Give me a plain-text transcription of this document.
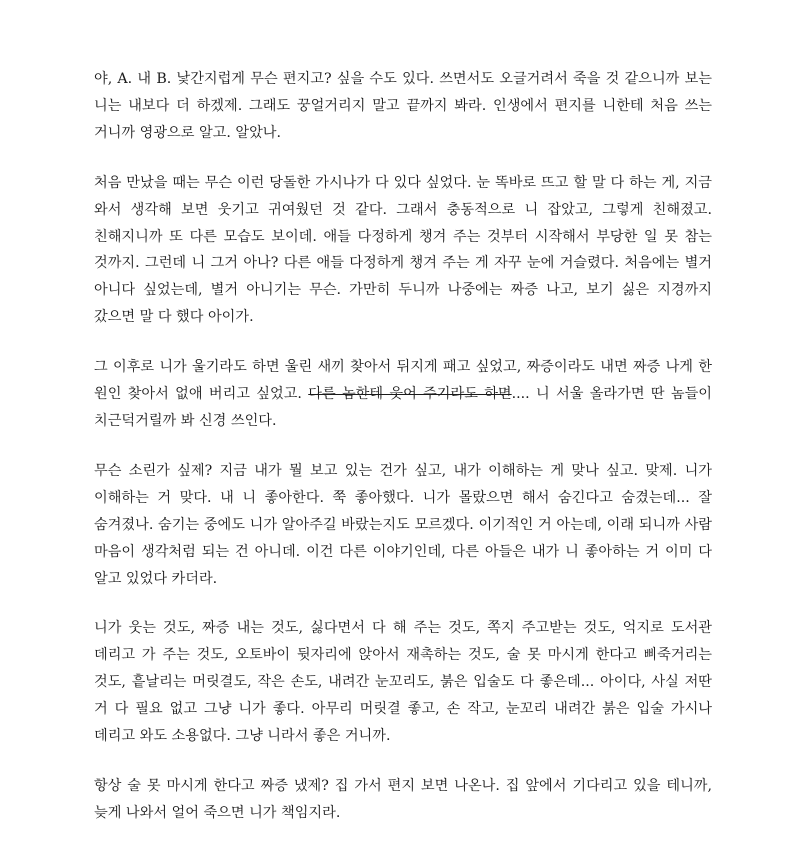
야, A. 내 B. 낯간지럽게 무슨 편지고? 싶을 수도 있다. 쓰면서도 오글거려서 죽을 것 같으니까 보는 니는 내보다 더 하겠제. 그래도 꿍얼거리지 말고 끝까지 봐라. 인생에서 편지를 니한테 처음 쓰는 거니까 영광으로 알고. 알았나.

처음 만났을 때는 무슨 이런 당돌한 가시나가 다 있다 싶었다. 눈 똑바로 뜨고 할 말 다 하는 게, 지금 와서 생각해 보면 웃기고 귀여웠던 것 같다. 그래서 충동적으로 니 잡았고, 그렇게 친해졌고. 친해지니까 또 다른 모습도 보이데. 애들 다정하게 챙겨 주는 것부터 시작해서 부당한 일 못 참는 것까지. 그런데 니 그거 아나? 다른 애들 다정하게 챙겨 주는 게 자꾸 눈에 거슬렸다. 처음에는 별거 아니다 싶었는데, 별거 아니기는 무슨. 가만히 두니까 나중에는 짜증 나고, 보기 싫은 지경까지 갔으면 말 다 했다 아이가.

그 이후로 니가 울기라도 하면 울린 새끼 찾아서 뒤지게 패고 싶었고, 짜증이라도 내면 짜증 나게 한 원인 찾아서 없애 버리고 싶었고. 다른 놈한테 웃어 주기라도 하면.... 니 서울 올라가면 딴 놈들이 치근덕거릴까 봐 신경 쓰인다.

무슨 소린가 싶제? 지금 내가 뭘 보고 있는 건가 싶고, 내가 이해하는 게 맞나 싶고. 맞제. 니가 이해하는 거 맞다. 내 니 좋아한다. 쭉 좋아했다. 니가 몰랐으면 해서 숨긴다고 숨겼는데... 잘 숨겨졌나. 숨기는 중에도 니가 알아주길 바랐는지도 모르겠다. 이기적인 거 아는데, 이래 되니까 사람 마음이 생각처럼 되는 건 아니데. 이건 다른 이야기인데, 다른 아들은 내가 니 좋아하는 거 이미 다 알고 있었다 카더라.

니가 웃는 것도, 짜증 내는 것도, 싫다면서 다 해 주는 것도, 쪽지 주고받는 것도, 억지로 도서관 데리고 가 주는 것도, 오토바이 뒷자리에 앉아서 재촉하는 것도, 술 못 마시게 한다고 삐죽거리는 것도, 흩날리는 머릿결도, 작은 손도, 내려간 눈꼬리도, 붉은 입술도 다 좋은데... 아이다, 사실 저딴 거 다 필요 없고 그냥 니가 좋다. 아무리 머릿결 좋고, 손 작고, 눈꼬리 내려간 붉은 입술 가시나 데리고 와도 소용없다. 그냥 니라서 좋은 거니까.

항상 술 못 마시게 한다고 짜증 냈제? 집 가서 편지 보면 나온나. 집 앞에서 기다리고 있을 테니까, 늦게 나와서 얼어 죽으면 니가 책임지라.
